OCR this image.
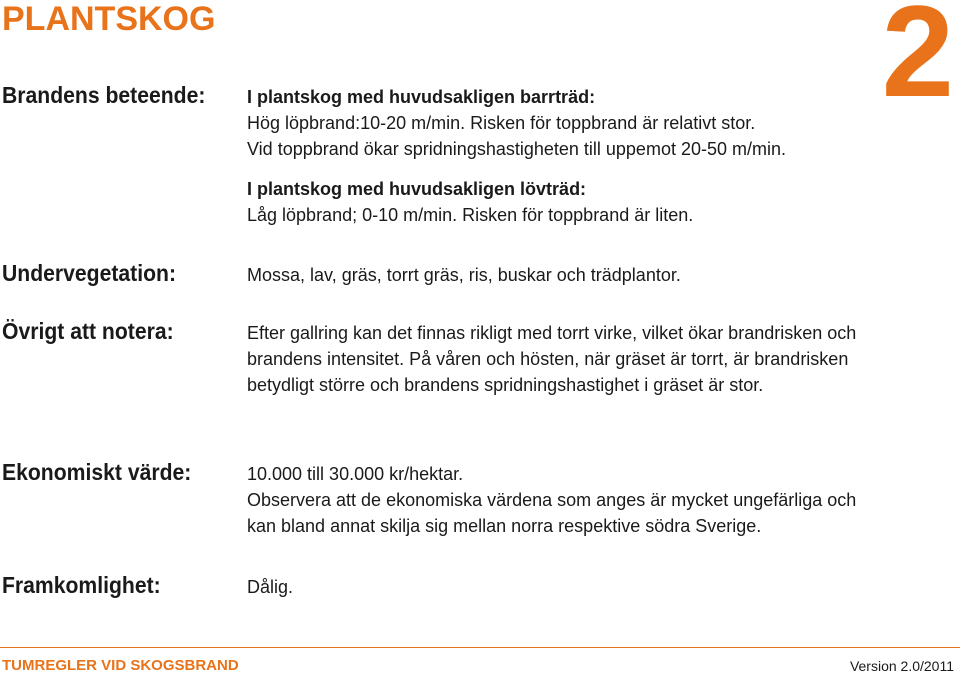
PLANTSKOG	2
Brandens beteende: I plantskog med huvudsakligen barrträd:

Hög löpbrand:10-20 m/min. Risken för toppbrand är relativt stor.

Vid toppbrand ökar spridningshastigheten till uppemot 20-50 m/min.

I plantskog med huvudsakligen lövträd:

Låg löpbrand; 0-10 m/min. Risken för toppbrand är liten.

Undervegetation:	Mossa, lav, gräs, torrt gräs, ris, buskar och trädplantor.

Övrigt att notera:	Efter gallring kan det finnas rikligt med torrt virke, vilket ökar brandrisken och brandens intensitet. På våren och hösten, när gräset är torrt, är brandrisken betydligt större och brandens spridningshastighet i gräset är stor.

Ekonomiskt värde:	10.000 till 30.000 kr/hektar.

Observera att de ekonomiska värdena som anges är mycket ungefärliga och kan bland annat skilja sig mellan norra respektive södra Sverige.

Framkomlighet:	Dålig.

TUMREGLER VID SKOGSBRAND	Version 2.0/2011
